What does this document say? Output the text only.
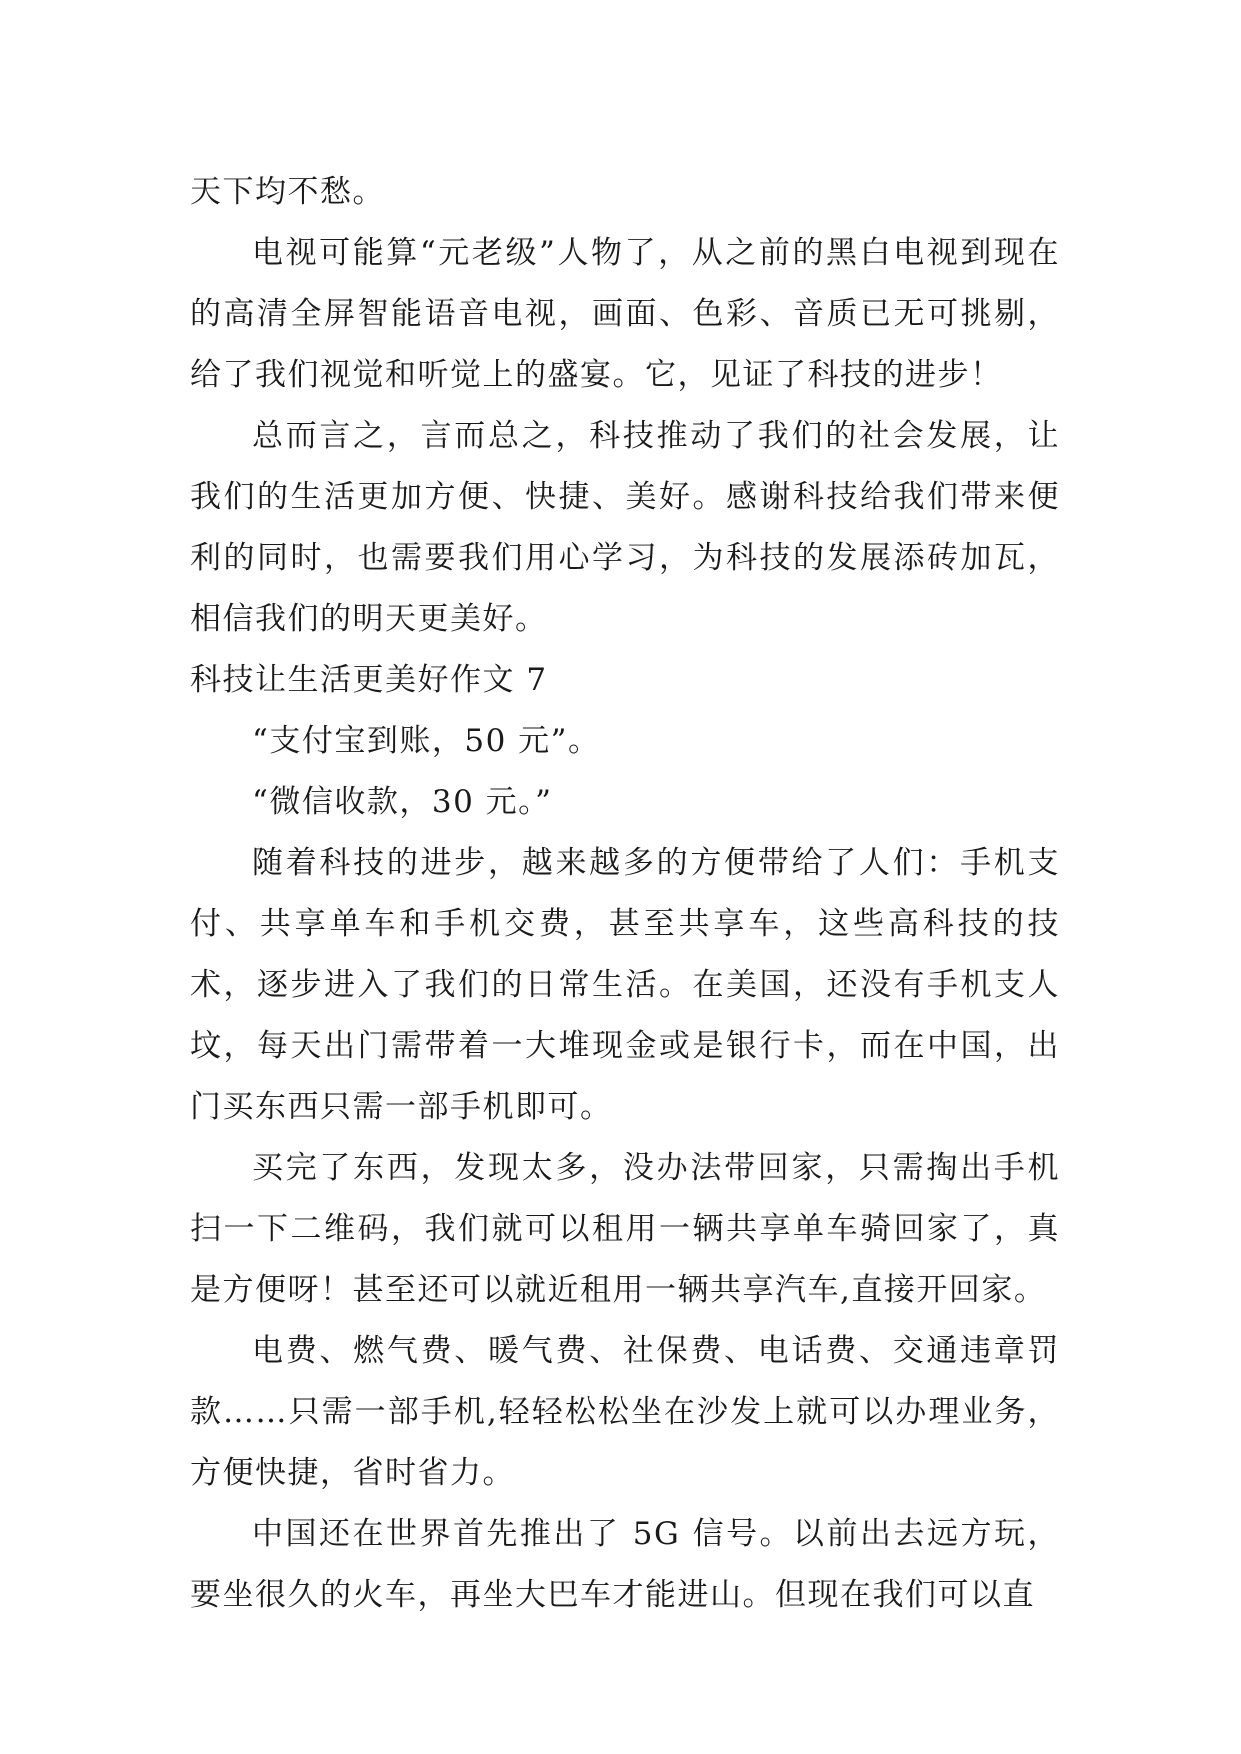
天下均不愁。

电视可能算“元老级”人物了，从之前的黑白电视到现在的高清全屏智能语音电视，画面、色彩、音质已无可挑剔，给了我们视觉和听觉上的盛宴。它，见证了科技的进步！

总而言之，言而总之，科技推动了我们的社会发展，让我们的生活更加方便、快捷、美好。感谢科技给我们带来便利的同时，也需要我们用心学习，为科技的发展添砖加瓦，相信我们的明天更美好。

科技让生活更美好作文 7

“支付宝到账，50 元”。

“微信收款，30 元。”

随着科技的进步，越来越多的方便带给了人们：手机支付、共享单车和手机交费，甚至共享车，这些高科技的技术，逐步进入了我们的日常生活。在美国，还没有手机支人坟，每天出门需带着一大堆现金或是银行卡，而在中国，出门买东西只需一部手机即可。

买完了东西，发现太多，没办法带回家，只需掏出手机扫一下二维码，我们就可以租用一辆共享单车骑回家了，真是方便呀！甚至还可以就近租用一辆共享汽车,直接开回家。

电费、燃气费、暖气费、社保费、电话费、交通违章罚款……只需一部手机,轻轻松松坐在沙发上就可以办理业务，方便快捷，省时省力。

中国还在世界首先推出了 5G 信号。以前出去远方玩，要坐很久的火车，再坐大巴车才能进山。但现在我们可以直
